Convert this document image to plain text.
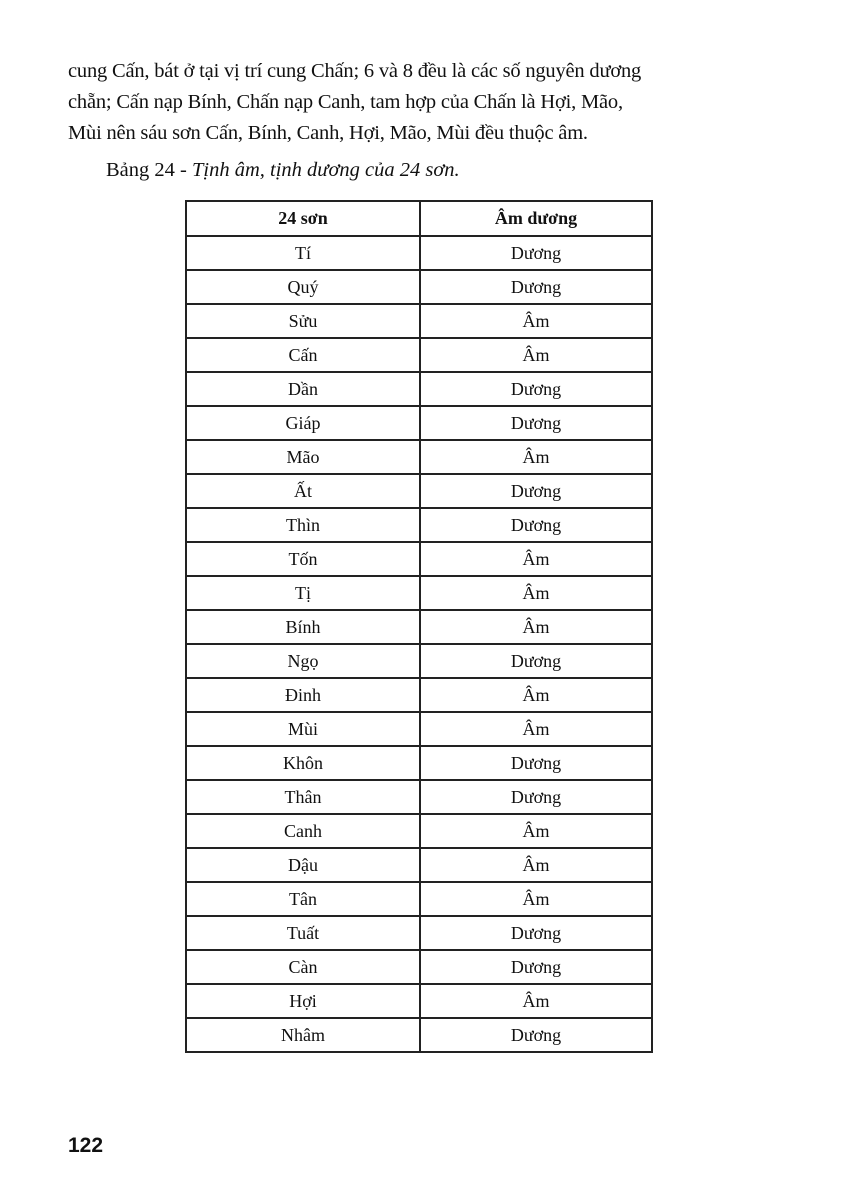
cung Cấn, bát ở tại vị trí cung Chấn; 6 và 8 đều là các số nguyên dương

chẵn; Cấn nạp Bính, Chấn nạp Canh, tam hợp của Chấn là Hợi, Mão,

Mùi nên sáu sơn Cấn, Bính, Canh, Hợi, Mão, Mùi đều thuộc âm.

Bảng 24 - Tịnh âm, tịnh dương của 24 sơn.
24 sơn	Âm dương
Tí	Dương
Quý	Dương
Sửu	Âm
Cấn	Âm
Dần	Dương
Giáp	Dương
Mão	Âm
Ất	Dương
Thìn	Dương
Tốn	Âm
Tị	Âm
Bính	Âm
Ngọ	Dương
Đinh	Âm
Mùi	Âm
Khôn	Dương
Thân	Dương
Canh	Âm
Dậu	Âm
Tân	Âm
Tuất	Dương
Càn	Dương
Hợi	Âm
Nhâm	Dương
122
